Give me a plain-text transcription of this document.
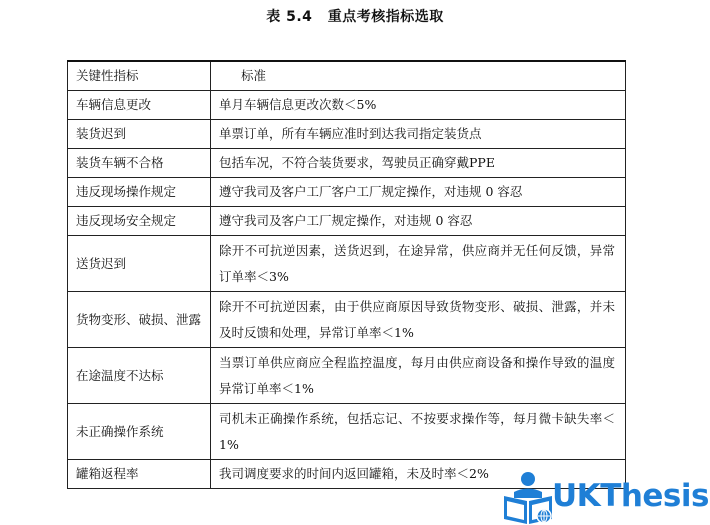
表 5.4 重点考核指标选取
关键性指标	标准
车辆信息更改	单月车辆信息更改次数＜5%
装货迟到	单票订单，所有车辆应准时到达我司指定装货点
装货车辆不合格	包括车况，不符合装货要求，驾驶员正确穿戴PPE
违反现场操作规定	遵守我司及客户工厂客户工厂规定操作，对违规 0 容忍
违反现场安全规定	遵守我司及客户工厂规定操作，对违规 0 容忍
送货迟到	除开不可抗逆因素，送货迟到，在途异常，供应商并无任何反馈，异常订单率＜3%
货物变形、破损、泄露	除开不可抗逆因素，由于供应商原因导致货物变形、破损、泄露，并未及时反馈和处理，异常订单率＜1%
在途温度不达标	当票订单供应商应全程监控温度，每月由供应商设备和操作导致的温度异常订单率＜1%
未正确操作系统	司机未正确操作系统，包括忘记、不按要求操作等，每月微卡缺失率＜1%
罐箱返程率	我司调度要求的时间内返回罐箱，未及时率＜2%
UKThesis
